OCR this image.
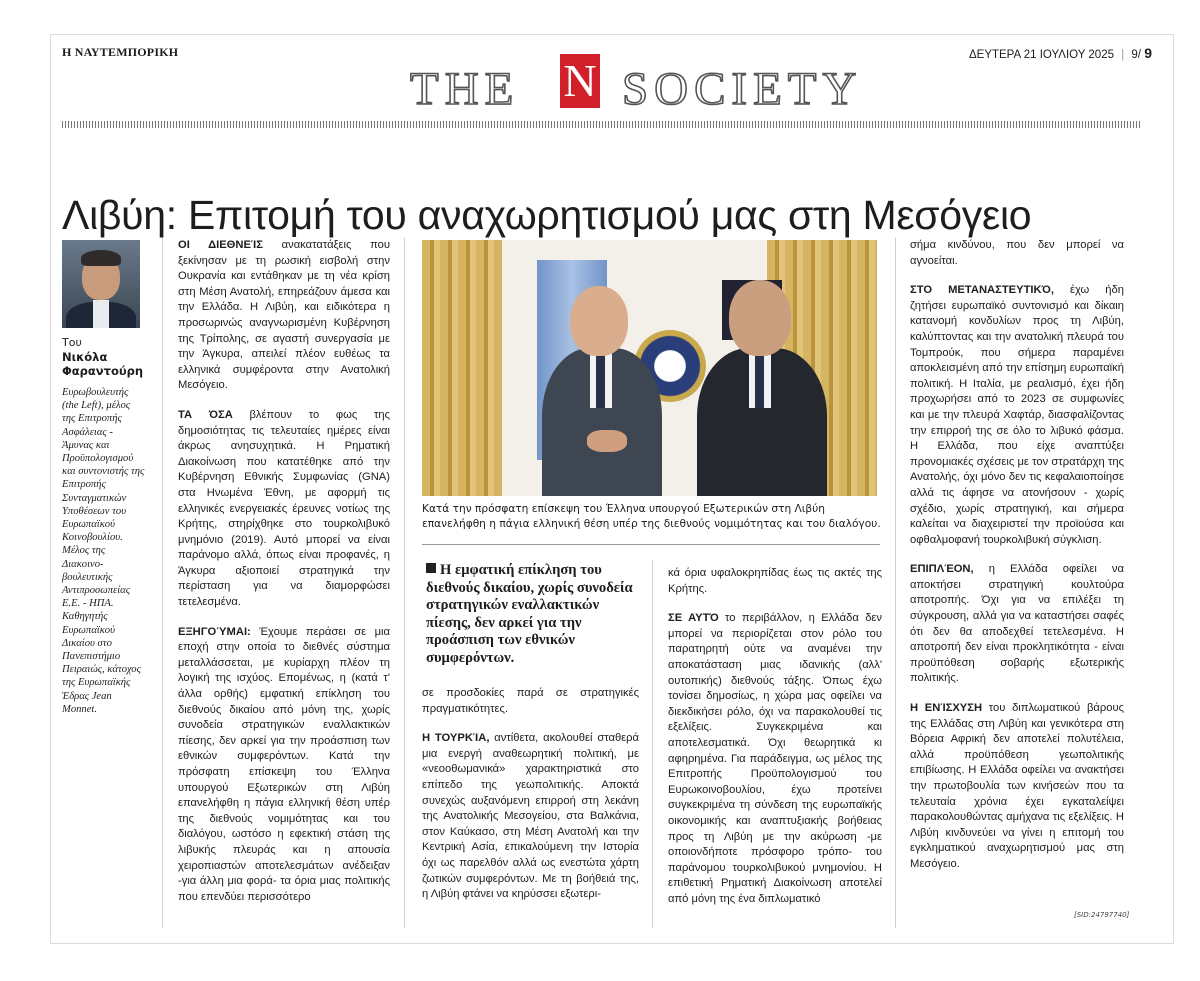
Η ΝΑΥΤΕΜΠΟΡΙΚΗ	ΔΕΥΤΕΡΑ 21 ΙΟΥΛΙΟΥ 2025 | 9/ 9
THE N SOCIETY
Λιβύη: Επιτομή του αναχωρητισμού μας στη Μεσόγειο
Του
Νικόλα Φαραντούρη
Ευρωβουλευτής (the Left), μέλος της Επιτροπής Ασφάλειας - Άμυνας και Προϋπολογισμού και συντονιστής της Επιτροπής Συνταγματικών Υποθέσεων του Ευρωπαϊκού Κοινοβουλίου. Μέλος της Διακοινο-βουλευτικής Αντιπροσωπείας Ε.Ε. - ΗΠΑ. Καθηγητής Ευρωπαϊκού Δικαίου στο Πανεπιστήμιο Πειραιώς, κάτοχος της Ευρωπαϊκής Έδρας Jean Monnet.

ΟΙ ΔΙΕΘΝΕΊΣ ανακατατάξεις που ξεκίνησαν με τη ρωσική εισβολή στην Ουκρανία και εντάθηκαν με τη νέα κρίση στη Μέση Ανατολή, επηρεάζουν άμεσα και την Ελλάδα. Η Λιβύη, και ειδικότερα η προσωρινώς αναγνωρισμένη Κυβέρνηση της Τρίπολης, σε αγαστή συνεργασία με την Άγκυρα, απειλεί πλέον ευθέως τα ελληνικά συμφέροντα στην Ανατολική Μεσόγειο.

ΤΑ ΌΣΑ βλέπουν το φως της δημοσιότητας τις τελευταίες ημέρες είναι άκρως ανησυχητικά. Η Ρηματική Διακοίνωση που κατατέθηκε από την Κυβέρνηση Εθνικής Συμφωνίας (GNA) στα Ηνωμένα Έθνη, με αφορμή τις ελληνικές ενεργειακές έρευνες νοτίως της Κρήτης, στηρίχθηκε στο τουρκολιβυκό μνημόνιο (2019). Αυτό μπορεί να είναι παράνομο αλλά, όπως είναι προφανές, η Άγκυρα αξιοποιεί στρατηγικά την περίσταση για να διαμορφώσει τετελεσμένα.

ΕΞΗΓΟΎΜΑΙ: Έχουμε περάσει σε μια εποχή στην οποία το διεθνές σύστημα μεταλλάσσεται, με κυρίαρχη πλέον τη λογική της ισχύος. Επομένως, η (κατά τ' άλλα ορθής) εμφατική επίκληση του διεθνούς δικαίου από μόνη της, χωρίς συνοδεία στρατηγικών εναλλακτικών πίεσης, δεν αρκεί για την προάσπιση των εθνικών συμφερόντων. Κατά την πρόσφατη επίσκεψη του Έλληνα υπουργού Εξωτερικών στη Λιβύη επανελήφθη η πάγια ελληνική θέση υπέρ της διεθνούς νομιμότητας και του διαλόγου, ωστόσο η εφεκτική στάση της λιβυκής πλευράς και η απουσία χειροπιαστών αποτελεσμάτων ανέδειξαν -για άλλη μια φορά- τα όρια μιας πολιτικής που επενδύει περισσότερο

Κατά την πρόσφατη επίσκεψη του Έλληνα υπουργού Εξωτερικών στη Λιβύη επανελήφθη η πάγια ελληνική θέση υπέρ της διεθνούς νομιμότητας και του διαλόγου.
Η εμφατική επίκληση του διεθνούς δικαίου, χωρίς συνοδεία στρατηγικών εναλλακτικών πίεσης, δεν αρκεί για την προάσπιση των εθνικών συμφερόντων.

σε προσδοκίες παρά σε στρατηγικές πραγματικότητες.

Η ΤΟΥΡΚΊΑ, αντίθετα, ακολουθεί σταθερά μια ενεργή αναθεωρητική πολιτική, με «νεοοθωμανικά» χαρακτηριστικά στο επίπεδο της γεωπολιτικής. Αποκτά συνεχώς αυξανόμενη επιρροή στη λεκάνη της Ανατολικής Μεσογείου, στα Βαλκάνια, στον Καύκασο, στη Μέση Ανατολή και την Κεντρική Ασία, επικαλούμενη την Ιστορία όχι ως παρελθόν αλλά ως ενεστώτα χάρτη ζωτικών συμφερόντων. Με τη βοήθειά της, η Λιβύη φτάνει να κηρύσσει εξωτερι-

κά όρια υφαλοκρηπίδας έως τις ακτές της Κρήτης.

ΣΕ ΑΥΤΌ το περιβάλλον, η Ελλάδα δεν μπορεί να περιορίζεται στον ρόλο του παρατηρητή ούτε να αναμένει την αποκατάσταση μιας ιδανικής (αλλ' ουτοπικής) διεθνούς τάξης. Όπως έχω τονίσει δημοσίως, η χώρα μας οφείλει να διεκδικήσει ρόλο, όχι να παρακολουθεί τις εξελίξεις. Συγκεκριμένα και αποτελεσματικά. Όχι θεωρητικά κι αφηρημένα. Για παράδειγμα, ως μέλος της Επιτροπής Προϋπολογισμού του Ευρωκοινοβουλίου, έχω προτείνει συγκεκριμένα τη σύνδεση της ευρωπαϊκής οικονομικής και αναπτυξιακής βοήθειας προς τη Λιβύη με την ακύρωση -με οποιονδήποτε πρόσφορο τρόπο- του παράνομου τουρκολιβυκού μνημονίου. Η επιθετική Ρηματική Διακοίνωση αποτελεί από μόνη της ένα διπλωματικό

σήμα κινδύνου, που δεν μπορεί να αγνοείται.

ΣΤΟ ΜΕΤΑΝΑΣΤΕΥΤΙΚΌ, έχω ήδη ζητήσει ευρωπαϊκό συντονισμό και δίκαιη κατανομή κονδυλίων προς τη Λιβύη, καλύπτοντας και την ανατολική πλευρά του Τομπρούκ, που σήμερα παραμένει αποκλεισμένη από την επίσημη ευρωπαϊκή πολιτική. Η Ιταλία, με ρεαλισμό, έχει ήδη προχωρήσει από το 2023 σε συμφωνίες και με την πλευρά Χαφτάρ, διασφαλίζοντας την επιρροή της σε όλο το λιβυκό φάσμα. Η Ελλάδα, που είχε αναπτύξει προνομιακές σχέσεις με τον στρατάρχη της Ανατολής, όχι μόνο δεν τις κεφαλαιοποίησε αλλά τις άφησε να ατονήσουν - χωρίς σχέδιο, χωρίς στρατηγική, και σήμερα καλείται να διαχειριστεί την προϊούσα και οφθαλμοφανή τουρκολιβυκή σύγκλιση.

ΕΠΙΠΛΈΟΝ, η Ελλάδα οφείλει να αποκτήσει στρατηγική κουλτούρα αποτροπής. Όχι για να επιλέξει τη σύγκρουση, αλλά για να καταστήσει σαφές ότι δεν θα αποδεχθεί τετελεσμένα. Η αποτροπή δεν είναι προκλητικότητα - είναι προϋπόθεση σοβαρής εξωτερικής πολιτικής.

Η ΕΝΊΣΧΥΣΗ του διπλωματικού βάρους της Ελλάδας στη Λιβύη και γενικότερα στη Βόρεια Αφρική δεν αποτελεί πολυτέλεια, αλλά προϋπόθεση γεωπολιτικής επιβίωσης. Η Ελλάδα οφείλει να ανακτήσει την πρωτοβουλία των κινήσεών που τα τελευταία χρόνια έχει εγκαταλείψει παρακολουθώντας αμήχανα τις εξελίξεις. Η Λιβύη κινδυνεύει να γίνει η επιτομή του εγκληματικού αναχωρητισμού μας στη Μεσόγειο.

[SID:24797740]
